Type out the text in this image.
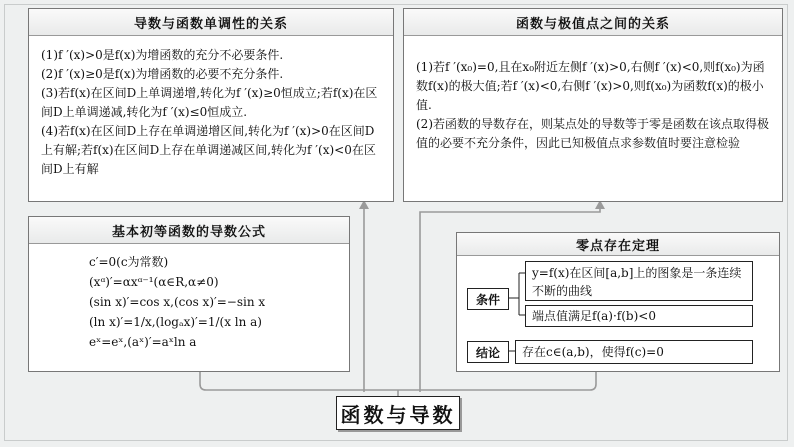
导数与函数单调性的关系

(1)f ′(x)>0是f(x)为增函数的充分不必要条件.

(2)f ′(x)≥0是f(x)为增函数的必要不充分条件.

(3)若f(x)在区间D上单调递增,转化为f ′(x)≥0恒成立;若f(x)在区间D上单调递减,转化为f ′(x)≤0恒成立.

(4)若f(x)在区间D上存在单调递增区间,转化为f ′(x)>0在区间D上有解;若f(x)在区间D上存在单调递减区间,转化为f ′(x)<0在区间D上有解

函数与极值点之间的关系

(1)若f ′(x₀)=0,且在x₀附近左侧f ′(x)>0,右侧f ′(x)<0,则f(x₀)为函数f(x)的极大值;若f ′(x)<0,右侧f ′(x)>0,则f(x₀)为函数f(x)的极小值.

(2)若函数的导数存在，则某点处的导数等于零是函数在该点取得极值的必要不充分条件，因此已知极值点求参数值时要注意检验

基本初等函数的导数公式

c′=0(c为常数)

(xᵅ)′=αxᵅ⁻¹(α∈R,α≠0)

(sin x)′=cos x,(cos x)′=−sin x

(ln x)′=1/x,(logₐx)′=1/(x ln a)

eˣ=eˣ,(aˣ)′=aˣln a

零点存在定理
条件
y=f(x)在区间[a,b]上的图象是一条连续不断的曲线
端点值满足f(a)·f(b)<0
结论	存在c∈(a,b)，使得f(c)=0
函数与导数
